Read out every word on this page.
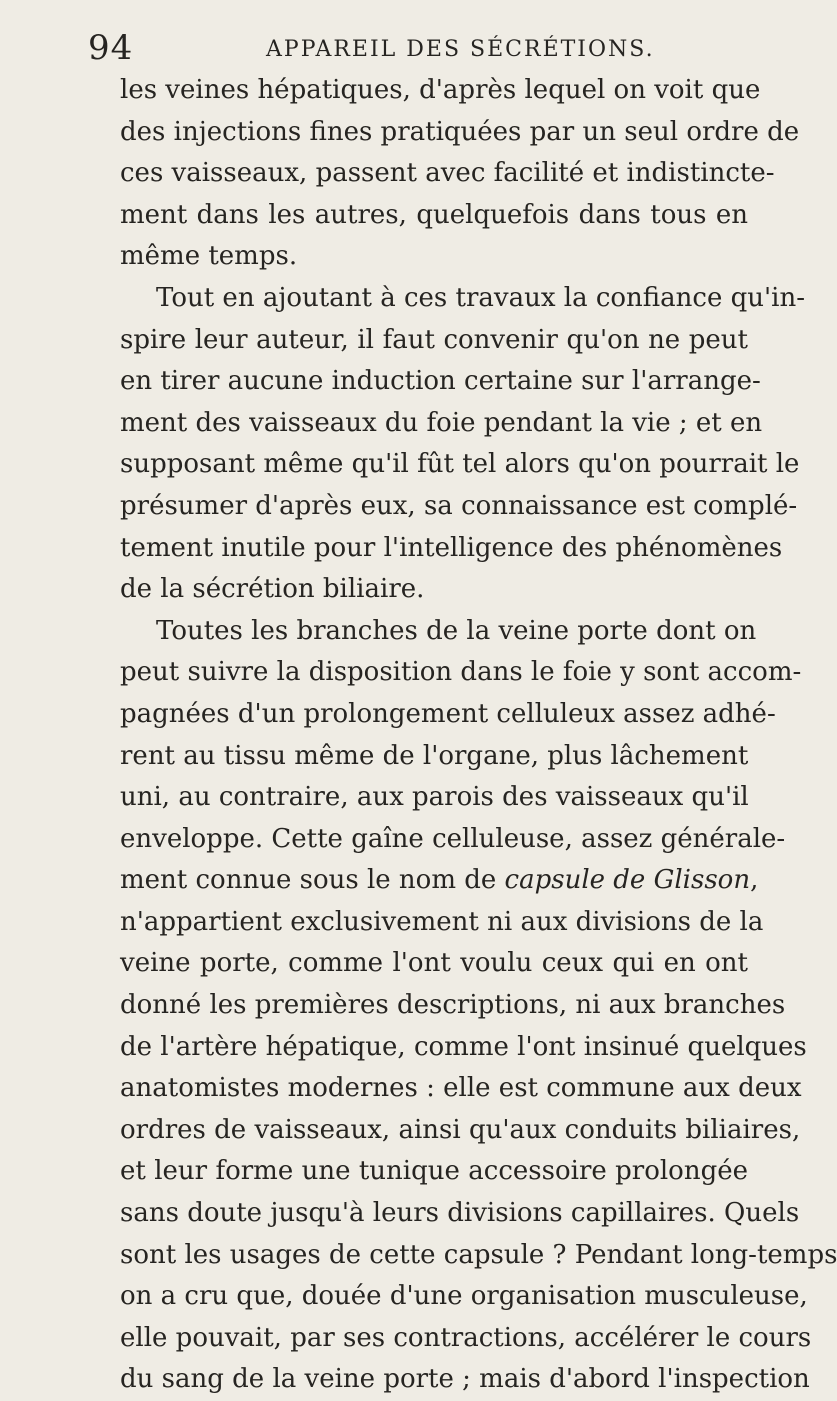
94	APPAREIL DES SÉCRÉTIONS.

les veines hépatiques, d'après lequel on voit que
des injections fines pratiquées par un seul ordre de
ces vaisseaux, passent avec facilité et indistincte-
ment dans les autres, quelquefois dans tous en
même temps.

Tout en ajoutant à ces travaux la confiance qu'in-
spire leur auteur, il faut convenir qu'on ne peut
en tirer aucune induction certaine sur l'arrange-
ment des vaisseaux du foie pendant la vie ; et en
supposant même qu'il fût tel alors qu'on pourrait le
présumer d'après eux, sa connaissance est complé-
tement inutile pour l'intelligence des phénomènes
de la sécrétion biliaire.

Toutes les branches de la veine porte dont on
peut suivre la disposition dans le foie y sont accom-
pagnées d'un prolongement celluleux assez adhé-
rent au tissu même de l'organe, plus lâchement
uni, au contraire, aux parois des vaisseaux qu'il
enveloppe. Cette gaîne celluleuse, assez générale-
ment connue sous le nom de capsule de Glisson,
n'appartient exclusivement ni aux divisions de la
veine porte, comme l'ont voulu ceux qui en ont
donné les premières descriptions, ni aux branches
de l'artère hépatique, comme l'ont insinué quelques
anatomistes modernes : elle est commune aux deux
ordres de vaisseaux, ainsi qu'aux conduits biliaires,
et leur forme une tunique accessoire prolongée
sans doute jusqu'à leurs divisions capillaires. Quels
sont les usages de cette capsule ? Pendant long-temps
on a cru que, douée d'une organisation musculeuse,
elle pouvait, par ses contractions, accélérer le cours
du sang de la veine porte ; mais d'abord l'inspection
